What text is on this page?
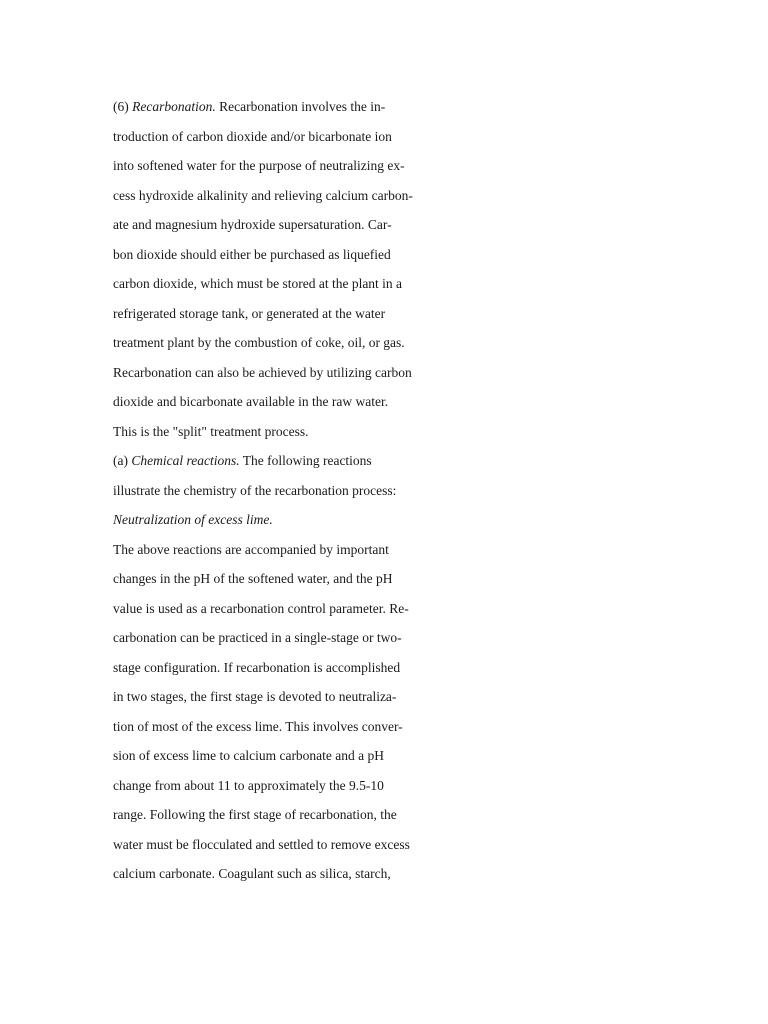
(6) Recarbonation. Recarbonation involves the in-
troduction of carbon dioxide and/or bicarbonate ion
into softened water for the purpose of neutralizing ex-
cess hydroxide alkalinity and relieving calcium carbon-
ate and magnesium hydroxide supersaturation. Car-
bon dioxide should either be purchased as liquefied
carbon dioxide, which must be stored at the plant in a
refrigerated storage tank, or generated at the water
treatment plant by the combustion of coke, oil, or gas.
Recarbonation can also be achieved by utilizing carbon
dioxide and bicarbonate available in the raw water.
This is the "split" treatment process.
(a) Chemical reactions. The following reactions
illustrate the chemistry of the recarbonation process:
Neutralization of excess lime.
The above reactions are accompanied by important
changes in the pH of the softened water, and the pH
value is used as a recarbonation control parameter. Re-
carbonation can be practiced in a single-stage or two-
stage configuration. If recarbonation is accomplished
in two stages, the first stage is devoted to neutraliza-
tion of most of the excess lime. This involves conver-
sion of excess lime to calcium carbonate and a pH
change from about 11 to approximately the 9.5-10
range. Following the first stage of recarbonation, the
water must be flocculated and settled to remove excess
calcium carbonate. Coagulant such as silica, starch,
